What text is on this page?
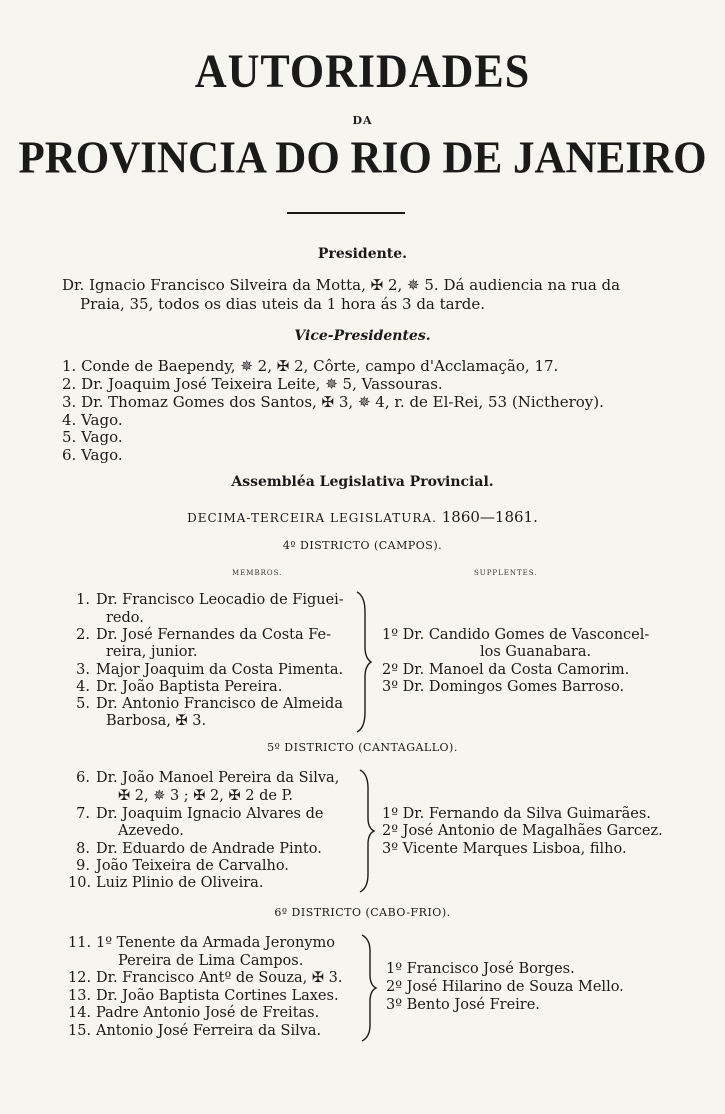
AUTORIDADES
DA
PROVINCIA DO RIO DE JANEIRO
Presidente.
Dr. Ignacio Francisco Silveira da Motta, ✠ 2, ✵ 5. Dá audiencia na rua da
Praia, 35, todos os dias uteis da 1 hora ás 3 da tarde.
Vice-Presidentes.
1. Conde de Baependy, ✵ 2, ✠ 2, Côrte, campo d'Acclamação, 17.
2. Dr. Joaquim José Teixeira Leite, ✵ 5, Vassouras.
3. Dr. Thomaz Gomes dos Santos, ✠ 3, ✵ 4, r. de El-Rei, 53 (Nictheroy).
4. Vago.
5. Vago.
6. Vago.
Assembléa Legislativa Provincial.
DECIMA-TERCEIRA LEGISLATURA. 1860—1861.
4º DISTRICTO (CAMPOS).
MEMBROS.	SUPPLENTES.
1. Dr. Francisco Leocadio de Figuei-
redo.
2. Dr. José Fernandes da Costa Fe-
reira, junior.
3. Major Joaquim da Costa Pimenta.
4. Dr. João Baptista Pereira.
5. Dr. Antonio Francisco de Almeida
Barbosa, ✠ 3.
1º Dr. Candido Gomes de Vasconcel-
los Guanabara.
2º Dr. Manoel da Costa Camorim.
3º Dr. Domingos Gomes Barroso.
5º DISTRICTO (CANTAGALLO).
6. Dr. João Manoel Pereira da Silva,
✠ 2, ✵ 3 ; ✠ 2, ✠ 2 de P.
7. Dr. Joaquim Ignacio Alvares de
Azevedo.
8. Dr. Eduardo de Andrade Pinto.
9. João Teixeira de Carvalho.
10. Luiz Plinio de Oliveira.
1º Dr. Fernando da Silva Guimarães.
2º José Antonio de Magalhães Garcez.
3º Vicente Marques Lisboa, filho.
6º DISTRICTO (CABO-FRIO).
11. 1º Tenente da Armada Jeronymo
Pereira de Lima Campos.
12. Dr. Francisco Antº de Souza, ✠ 3.
13. Dr. João Baptista Cortines Laxes.
14. Padre Antonio José de Freitas.
15. Antonio José Ferreira da Silva.
1º Francisco José Borges.
2º José Hilarino de Souza Mello.
3º Bento José Freire.
